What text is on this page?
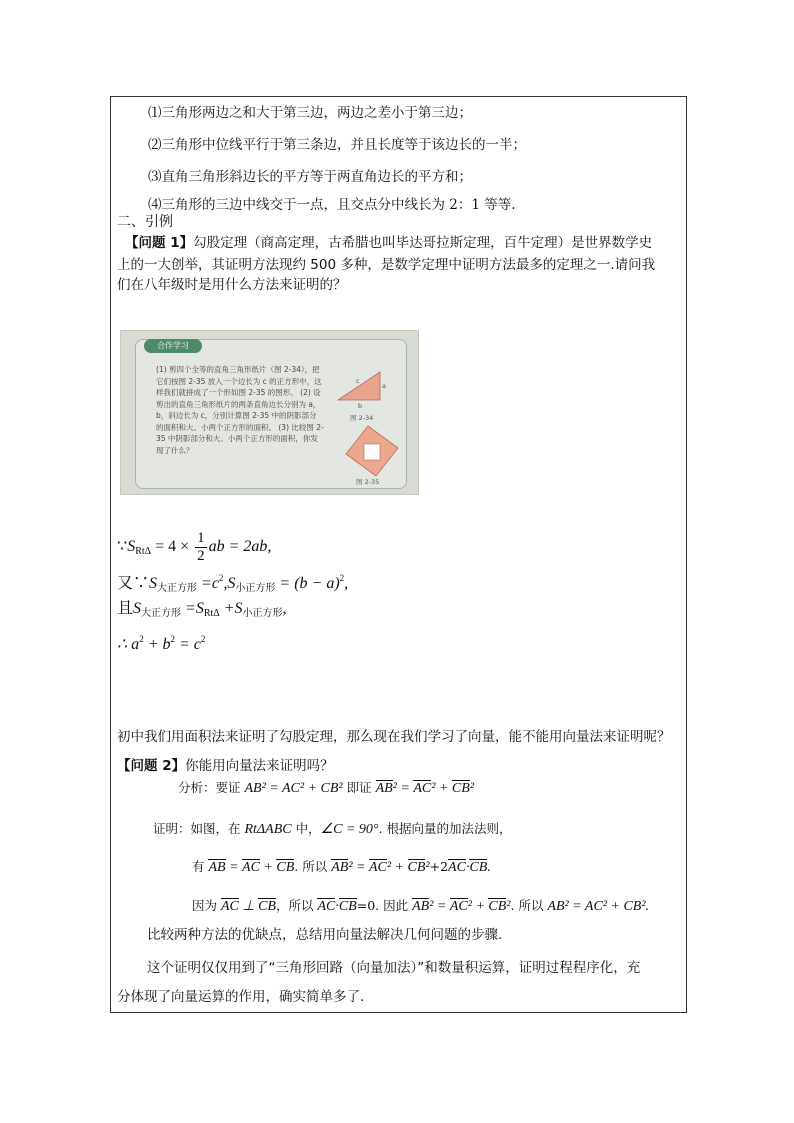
⑴三角形两边之和大于第三边，两边之差小于第三边；
⑵三角形中位线平行于第三条边，并且长度等于该边长的一半；
⑶直角三角形斜边长的平方等于两直角边长的平方和；
⑷三角形的三边中线交于一点，且交点分中线长为 2：1 等等.
二、引例
【问题 1】勾股定理（商高定理，古希腊也叫毕达哥拉斯定理，百牛定理）是世界数学史
上的一大创举，其证明方法现约 500 多种，是数学定理中证明方法最多的定理之一.请问我
们在八年级时是用什么方法来证明的？
合作学习
(1) 剪四个全等的直角三角形纸片（图 2-34），把它们按图 2-35 放入一个边长为 c 的正方形中，这样我们就拼成了一个形如图 2-35 的图形。 (2) 设剪出的直角三角形纸片的两条直角边长分别为 a，b，斜边长为 c，分别计算图 2-35 中的阴影部分的面积和大、小两个正方形的面积。 (3) 比较图 2-35 中阴影部分和大、小两个正方形的面积，你发现了什么？
a
b
c
图 2-34
图 2-35
$\because S_{Rt\Delta} = 4 \times \frac{1}{2}$ ab = 2ab,
又$\because S_{大正方形} =c^2,S_{小正方形} = (b - a)^2$,
且$S_{大正方形} =S_{Rt\Delta} +S_{小正方形}$,
∴ $a^2 + b^2 = c^2$
初中我们用面积法来证明了勾股定理，那么现在我们学习了向量，能不能用向量法来证明呢？
【问题 2】你能用向量法来证明吗？
分析：要证 AB² = AC² + CB² 即证 AB² = AC² + CB²
证明：如图，在 RtΔABC 中，∠C = 90°. 根据向量的加法法则，
有 AB = AC + CB. 所以 AB² = AC² + CB²+2AC·CB.
因为 AC ⊥ CB，所以 AC·CB=0. 因此 AB² = AC² + CB². 所以 AB² = AC² + CB².
比较两种方法的优缺点，总结用向量法解决几何问题的步骤.
这个证明仅仅用到了“三角形回路（向量加法）”和数量积运算，证明过程程序化，充
分体现了向量运算的作用，确实简单多了.
